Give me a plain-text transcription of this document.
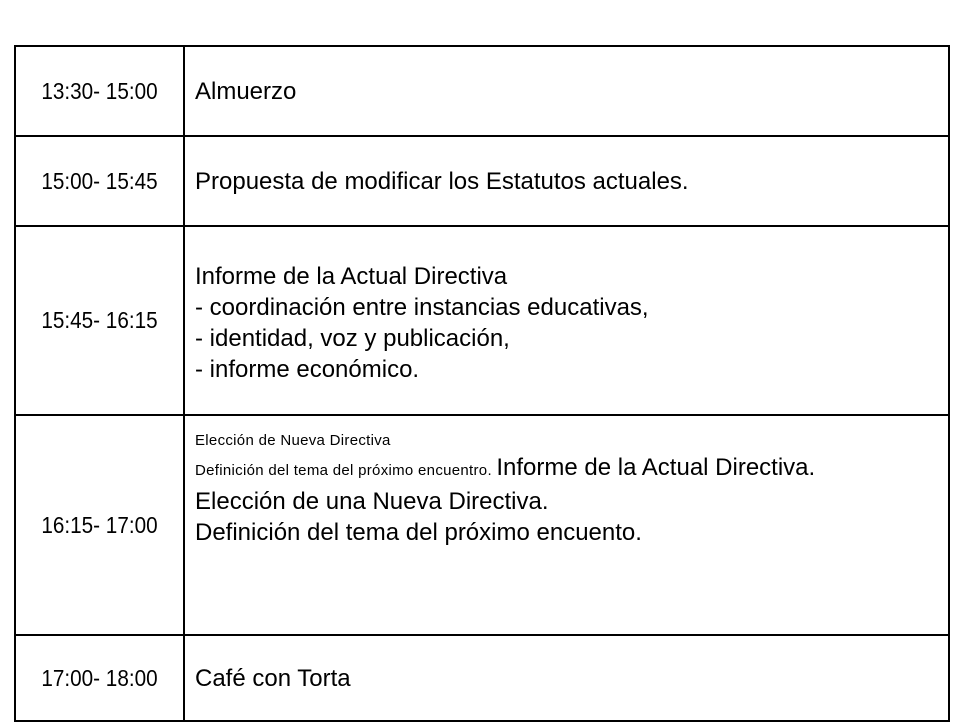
13:30- 15:00	Almuerzo

15:00- 15:45	Propuesta de modificar los Estatutos actuales.

15:45- 16:15	Informe de la Actual Directiva
- coordinación entre instancias educativas,
- identidad, voz y publicación,
- informe económico.

16:15- 17:00	Elección de Nueva Directiva
Definición del tema del próximo encuentro. Informe de la Actual Directiva.
Elección de una Nueva Directiva.
Definición del tema del próximo encuento.

17:00- 18:00	Café con Torta
